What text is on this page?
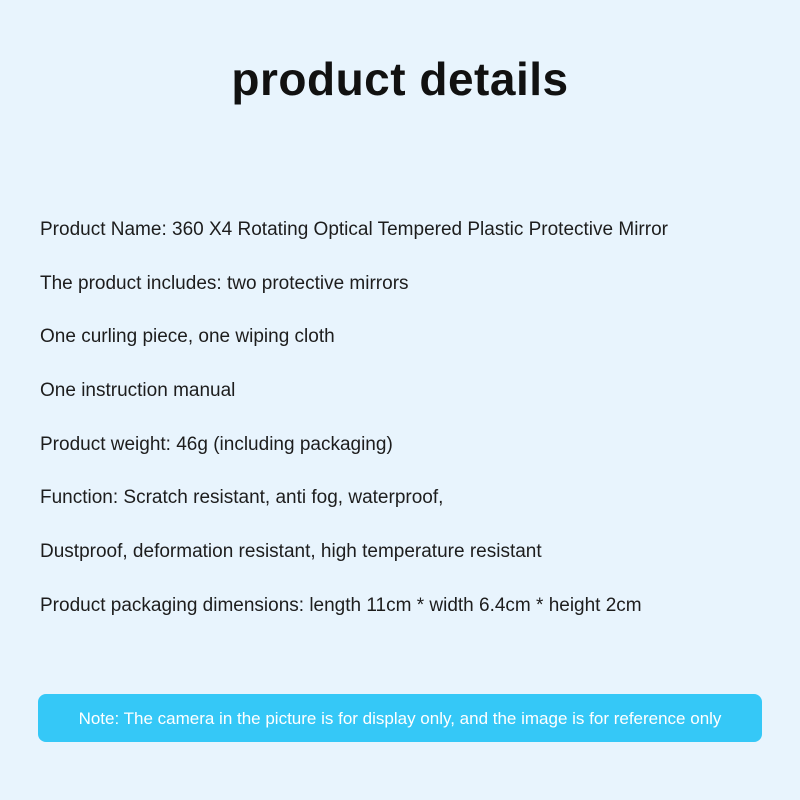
product details
Product Name: 360 X4 Rotating Optical Tempered Plastic Protective Mirror
The product includes: two protective mirrors
One curling piece, one wiping cloth
One instruction manual
Product weight: 46g (including packaging)
Function: Scratch resistant, anti fog, waterproof,
Dustproof, deformation resistant, high temperature resistant
Product packaging dimensions: length 11cm * width 6.4cm * height 2cm
Note: The camera in the picture is for display only, and the image is for reference only
